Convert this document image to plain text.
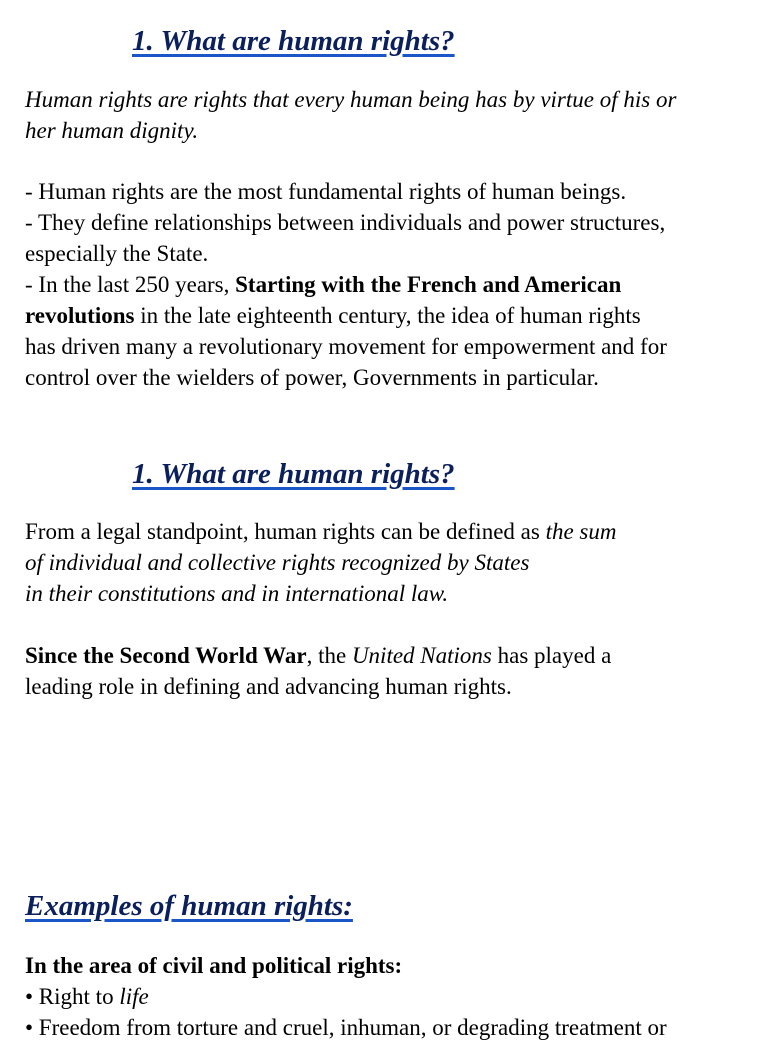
1. What are human rights?
Human rights are rights that every human being has by virtue of his or
her human dignity.
- Human rights are the most fundamental rights of human beings.
- They define relationships between individuals and power structures,
especially the State.
- In the last 250 years, Starting with the French and American
revolutions in the late eighteenth century, the idea of human rights
has driven many a revolutionary movement for empowerment and for
control over the wielders of power, Governments in particular.
1. What are human rights?
From a legal standpoint, human rights can be defined as the sum
of individual and collective rights recognized by States
in their constitutions and in international law.
Since the Second World War, the United Nations has played a
leading role in defining and advancing human rights.
Examples of human rights:
In the area of civil and political rights:
• Right to life
• Freedom from torture and cruel, inhuman, or degrading treatment or
